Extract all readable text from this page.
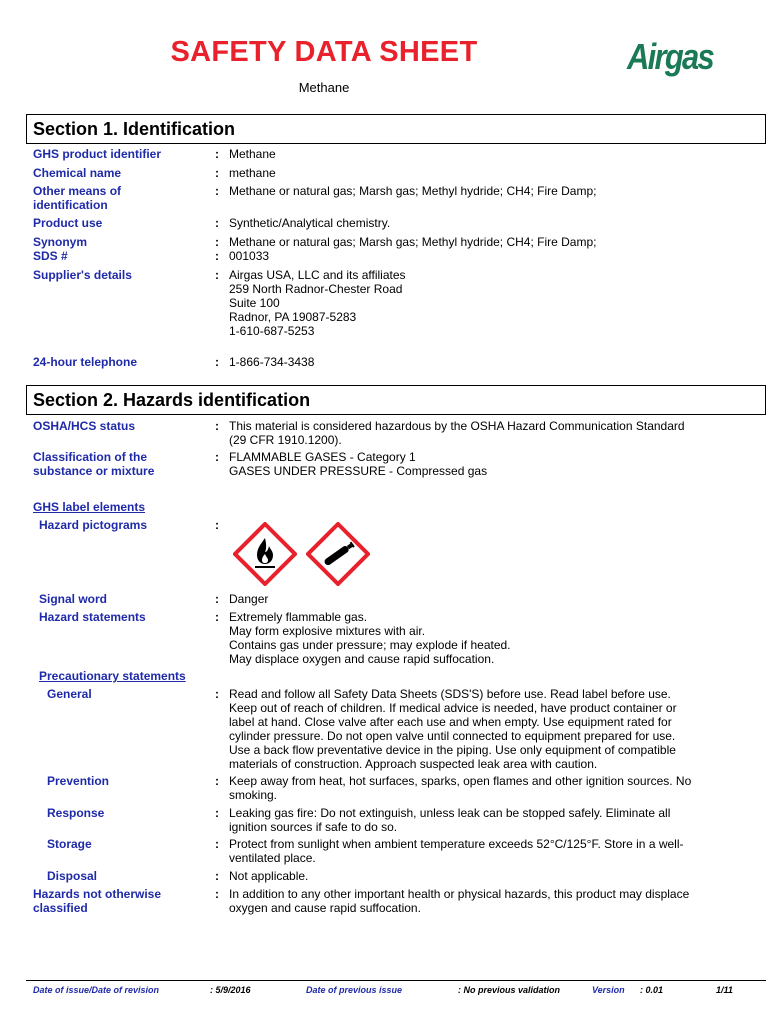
SAFETY DATA SHEET
Methane
Airgas
Section 1. Identification
GHS product identifier	: Methane
Chemical name	: methane
Other means of
identification
: Methane or natural gas; Marsh gas; Methyl hydride; CH4; Fire Damp;
Product use	: Synthetic/Analytical chemistry.
Synonym	: Methane or natural gas; Marsh gas; Methyl hydride; CH4; Fire Damp;
SDS #	: 001033
Supplier's details	: Airgas USA, LLC and its affiliates
259 North Radnor-Chester Road
Suite 100
Radnor, PA 19087-5283
1-610-687-5253
24-hour telephone	: 1-866-734-3438
Section 2. Hazards identification
OSHA/HCS status	: This material is considered hazardous by the OSHA Hazard Communication Standard
(29 CFR 1910.1200).
Classification of the
substance or mixture
: FLAMMABLE GASES - Category 1
GASES UNDER PRESSURE - Compressed gas
GHS label elements
Hazard pictograms	:
Signal word	: Danger
Hazard statements	: Extremely flammable gas.
May form explosive mixtures with air.
Contains gas under pressure; may explode if heated.
May displace oxygen and cause rapid suffocation.
Precautionary statements
General	: Read and follow all Safety Data Sheets (SDS'S) before use. Read label before use.
Keep out of reach of children. If medical advice is needed, have product container or
label at hand. Close valve after each use and when empty. Use equipment rated for
cylinder pressure. Do not open valve until connected to equipment prepared for use.
Use a back flow preventative device in the piping. Use only equipment of compatible
materials of construction. Approach suspected leak area with caution.
Prevention	: Keep away from heat, hot surfaces, sparks, open flames and other ignition sources. No
smoking.
Response	: Leaking gas fire: Do not extinguish, unless leak can be stopped safely. Eliminate all
ignition sources if safe to do so.
Storage	: Protect from sunlight when ambient temperature exceeds 52°C/125°F. Store in a well-
ventilated place.
Disposal	: Not applicable.
Hazards not otherwise
classified
: In addition to any other important health or physical hazards, this product may displace
oxygen and cause rapid suffocation.
Date of issue/Date of revision	: 5/9/2016	Date of previous issue	: No previous validation	Version : 0.01	1/11
